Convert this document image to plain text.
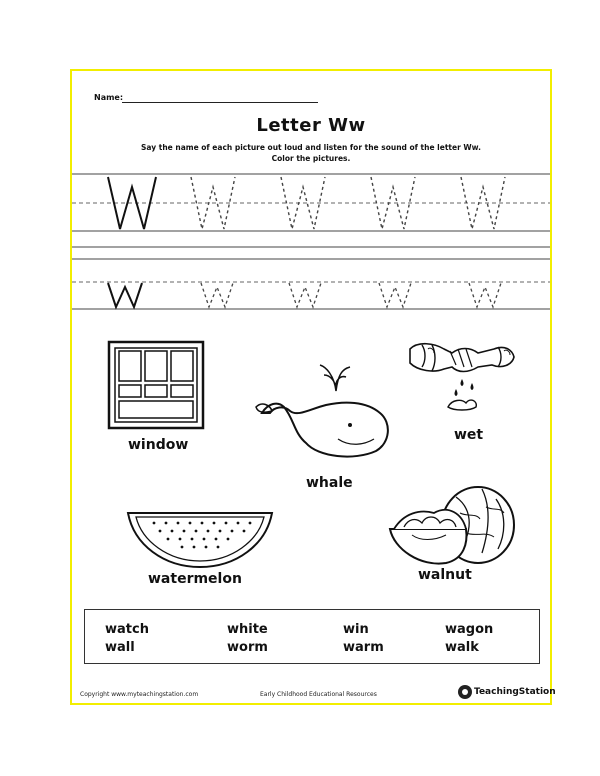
Name:
Letter Ww
Say the name of each picture out loud and listen for the sound of the letter Ww.
Color the pictures.
window
whale
wet
watermelon	walnut
watch	white	win	wagon
wall	worm	warm	walk
Copyright www.myteachingstation.com	Early Childhood Educational Resources	TeachingStation
